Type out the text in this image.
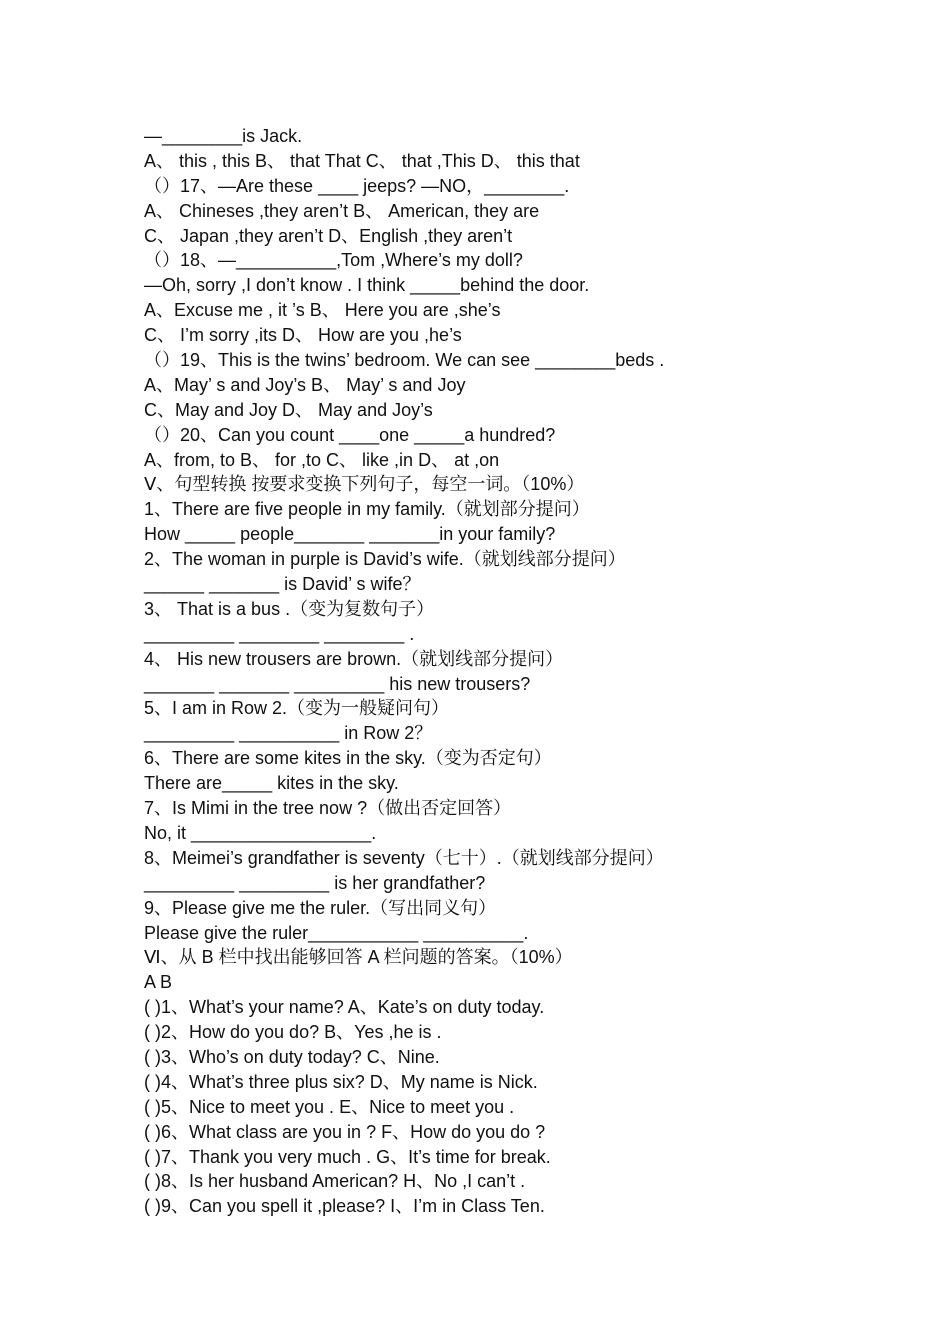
—________is Jack.
A、 this , this B、 that That C、 that ,This D、 this that
（）17、—Are these ____ jeeps? —NO，________.
A、 Chineses ,they aren’t B、 American, they are
C、 Japan ,they aren’t D、English ,they aren’t
（）18、—__________,Tom ,Where’s my doll?
—Oh, sorry ,I don’t know . I think _____behind the door.
A、Excuse me , it ’s B、 Here you are ,she’s
C、 I’m sorry ,its D、 How are you ,he’s
（）19、This is the twins’ bedroom. We can see ________beds .
A、May’ s and Joy’s B、 May’ s and Joy
C、May and Joy D、 May and Joy’s
（）20、Can you count ____one _____a hundred?
A、from, to B、 for ,to C、 like ,in D、 at ,on
Ⅴ、句型转换 按要求变换下列句子，每空一词。（10%）
1、There are five people in my family.（就划部分提问）
How _____ people_______ _______in your family?
2、The woman in purple is David’s wife.（就划线部分提问）
______ _______ is David’ s wife？
3、 That is a bus .（变为复数句子）
_________ ________ ________ .
4、 His new trousers are brown.（就划线部分提问）
_______ _______ _________ his new trousers?
5、I am in Row 2.（变为一般疑问句）
_________ __________ in Row 2？
6、There are some kites in the sky.（变为否定句）
There are_____ kites in the sky.
7、Is Mimi in the tree now ?（做出否定回答）
No, it __________________.
8、Meimei’s grandfather is seventy（七十）.（就划线部分提问）
_________ _________ is her grandfather?
9、Please give me the ruler.（写出同义句）
Please give the ruler___________ __________.
Ⅵ、从 B 栏中找出能够回答 A 栏问题的答案。（10%）
A B
( )1、What’s your name? A、Kate’s on duty today.
( )2、How do you do? B、Yes ,he is .
( )3、Who’s on duty today? C、Nine.
( )4、What’s three plus six? D、My name is Nick.
( )5、Nice to meet you . E、Nice to meet you .
( )6、What class are you in ? F、How do you do ?
( )7、Thank you very much . G、It’s time for break.
( )8、Is her husband American? H、No ,I can’t .
( )9、Can you spell it ,please? I、I’m in Class Ten.
